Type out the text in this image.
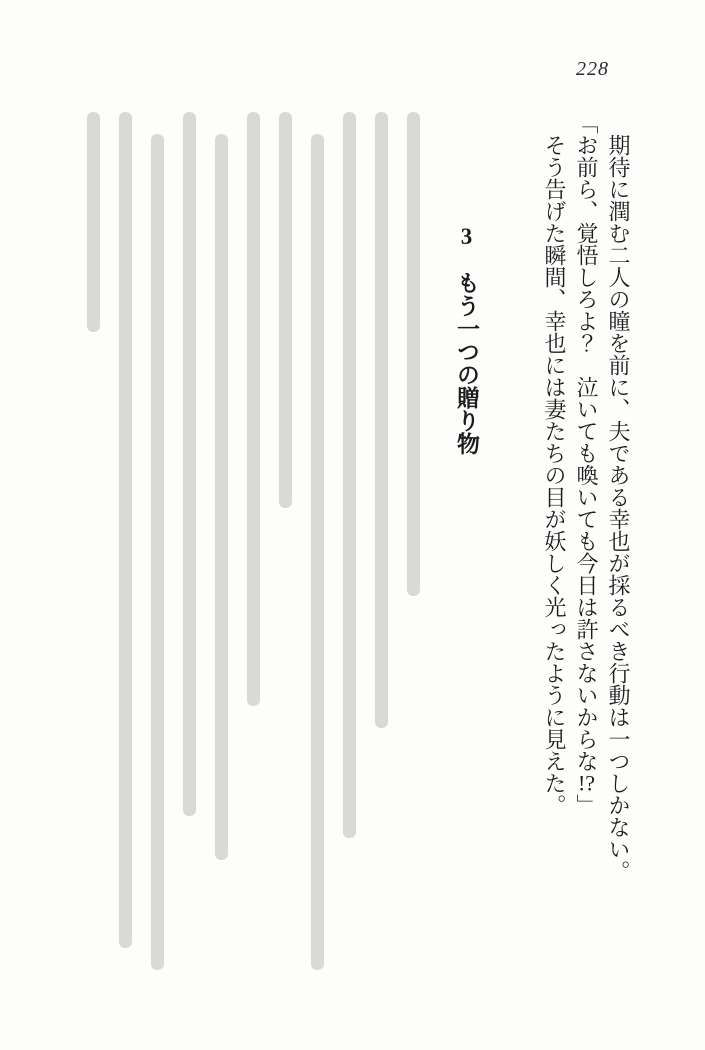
228

期待に潤む二人の瞳を前に、夫である幸也が採るべき行動は一つしかない。

「お前ら、覚悟しろよ？　泣いても喚いても今日は許さないからな!?」

そう告げた瞬間、幸也には妻たちの目が妖しく光ったように見えた。

3　もう一つの贈り物
